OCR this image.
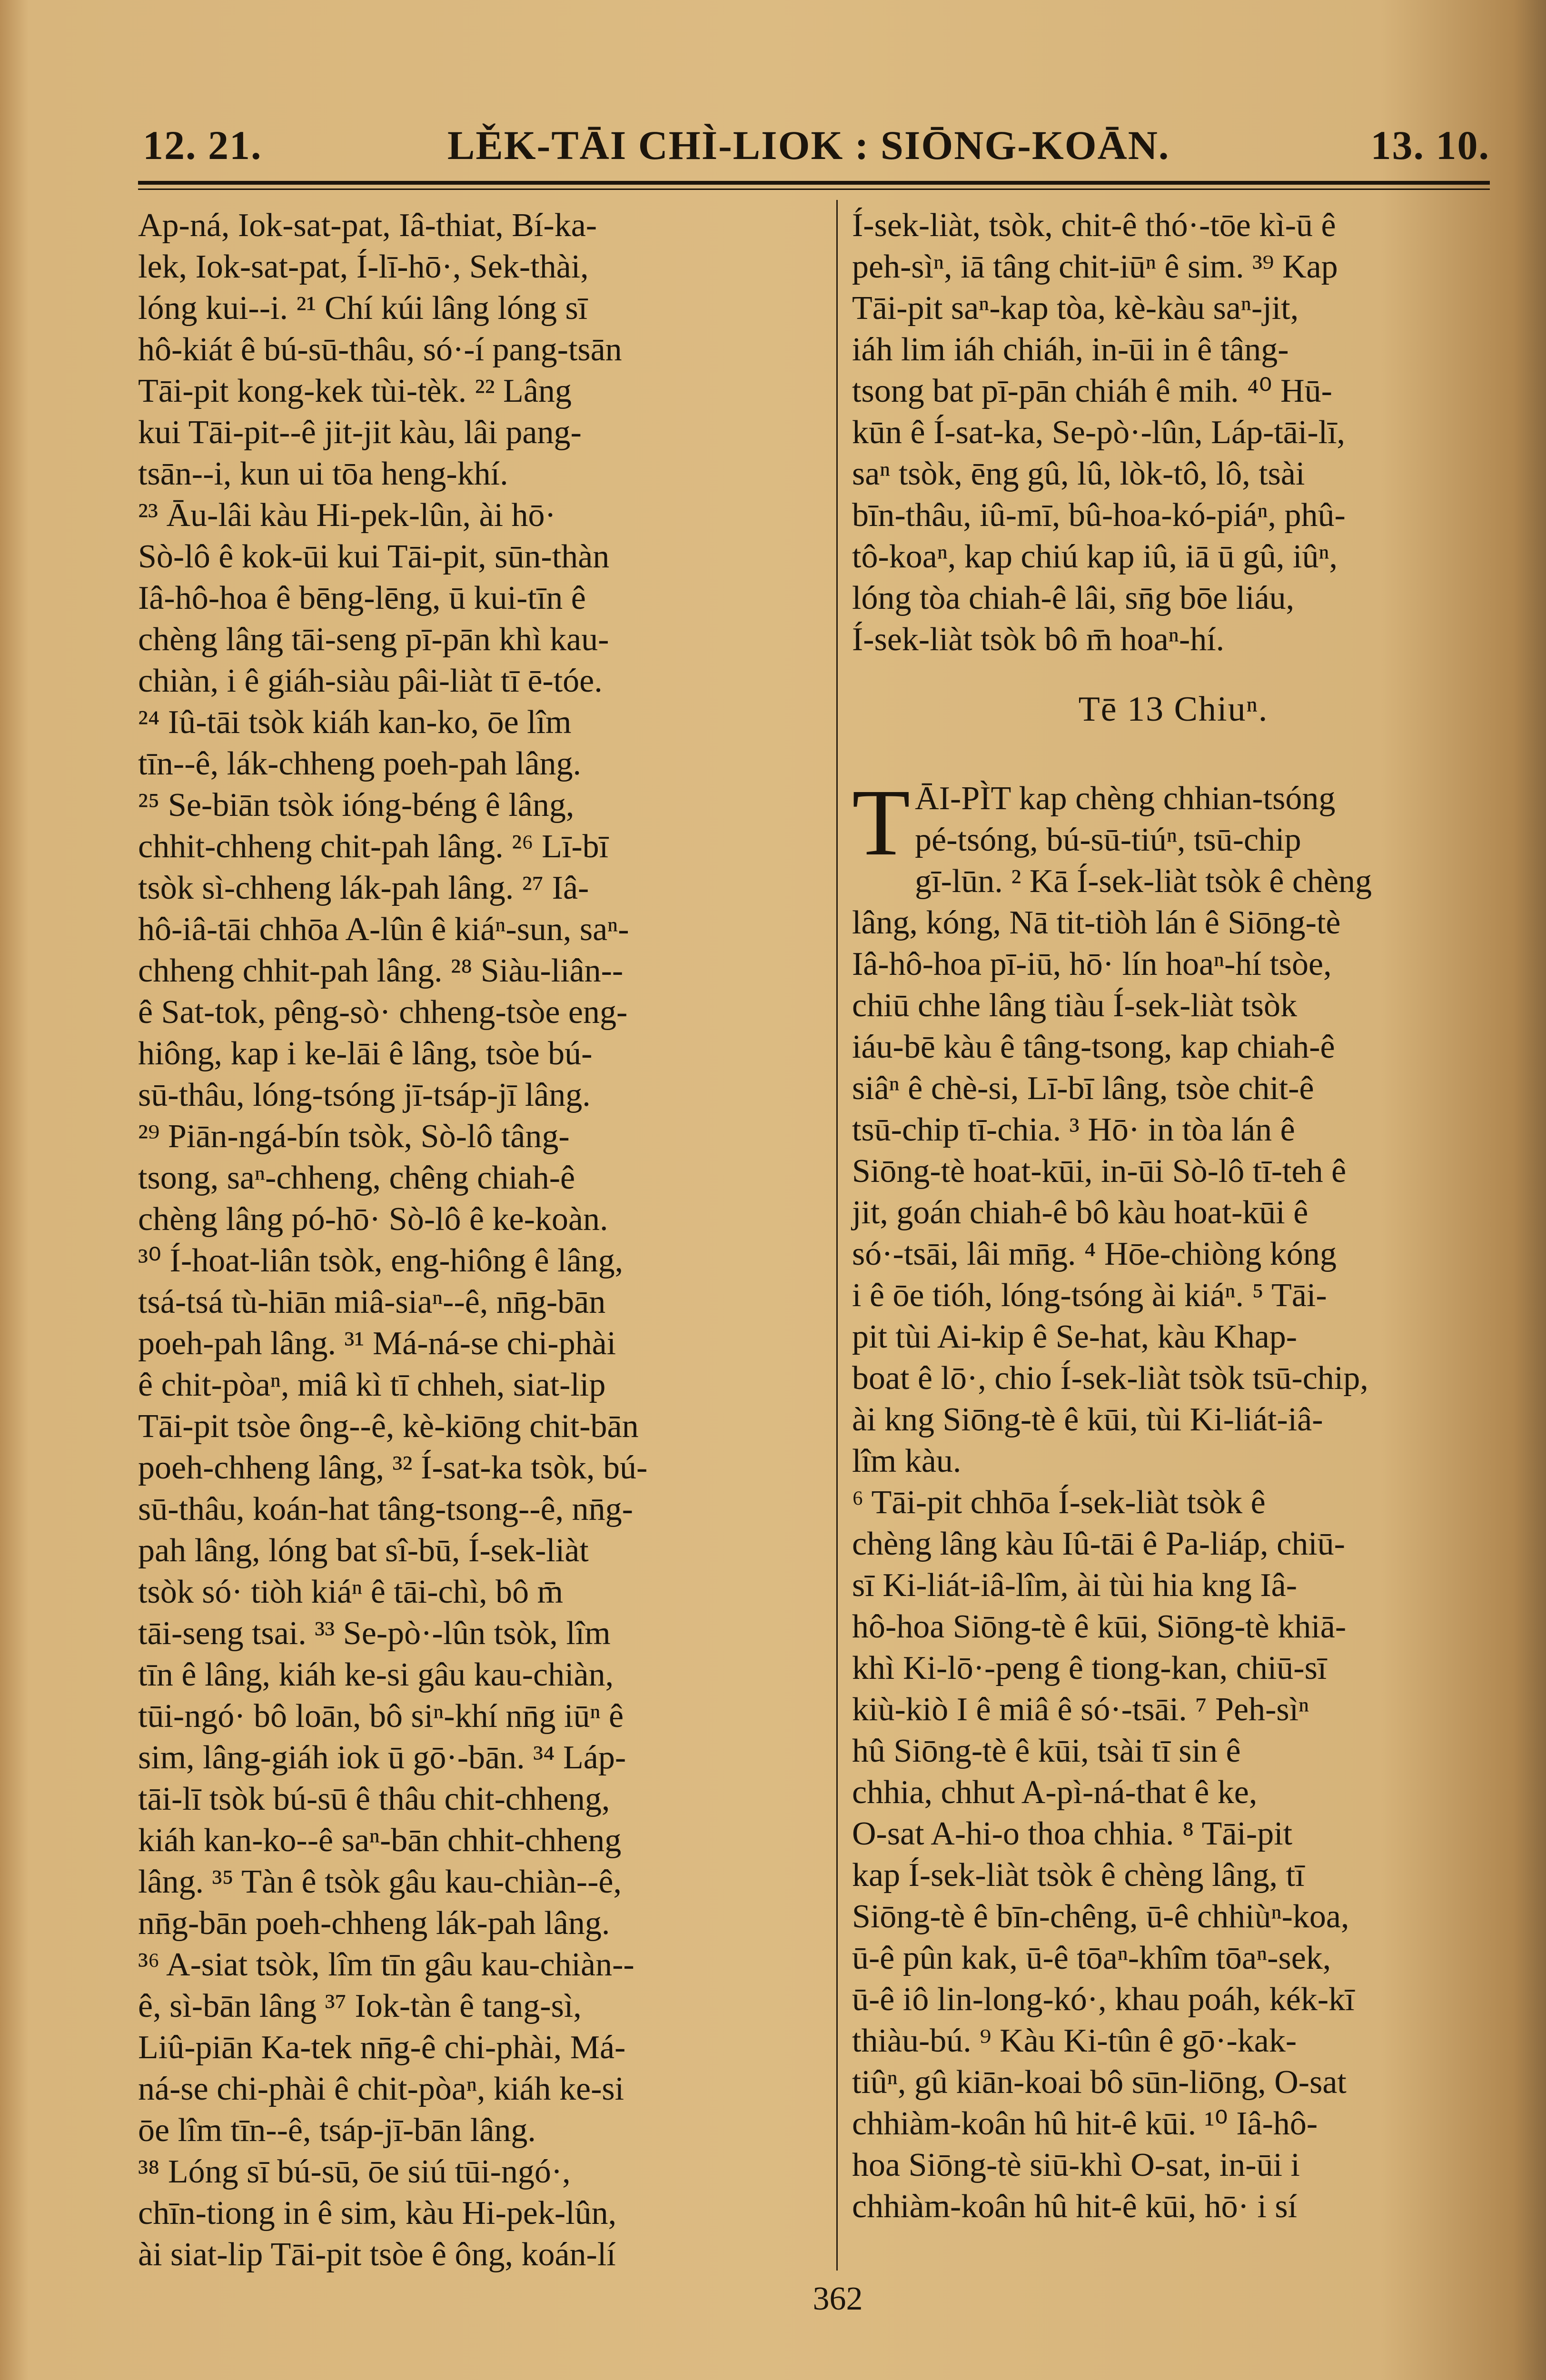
12. 21.	LĚK-TĀI CHÌ-LIOK : SIŌNG-KOĀN.	13. 10.

Ap-ná, Iok-sat-pat, Iâ-thiat, Bí-ka-

lek, Iok-sat-pat, Í-lī-hō·, Sek-thài,

lóng kui--i. ²¹ Chí kúi lâng lóng sī

hô-kiát ê bú-sū-thâu, só·-í pang-tsān

Tāi-pit kong-kek tùi-tèk. ²² Lâng

kui Tāi-pit--ê jit-jit kàu, lâi pang-

tsān--i, kun ui tōa heng-khí.

²³ Āu-lâi kàu Hi-pek-lûn, ài hō·

Sò-lô ê kok-ūi kui Tāi-pit, sūn-thàn

Iâ-hô-hoa ê bēng-lēng, ū kui-tīn ê

chèng lâng tāi-seng pī-pān khì kau-

chiàn, i ê giáh-siàu pâi-liàt tī ē-tóe.

²⁴ Iû-tāi tsòk kiáh kan-ko, ōe lîm

tīn--ê, lák-chheng poeh-pah lâng.

²⁵ Se-biān tsòk ióng-béng ê lâng,

chhit-chheng chit-pah lâng. ²⁶ Lī-bī

tsòk sì-chheng lák-pah lâng. ²⁷ Iâ-

hô-iâ-tāi chhōa A-lûn ê kiáⁿ-sun, saⁿ-

chheng chhit-pah lâng. ²⁸ Siàu-liân--

ê Sat-tok, pêng-sò· chheng-tsòe eng-

hiông, kap i ke-lāi ê lâng, tsòe bú-

sū-thâu, lóng-tsóng jī-tsáp-jī lâng.

²⁹ Piān-ngá-bín tsòk, Sò-lô tâng-

tsong, saⁿ-chheng, chêng chiah-ê

chèng lâng pó-hō· Sò-lô ê ke-koàn.

³⁰ Í-hoat-liân tsòk, eng-hiông ê lâng,

tsá-tsá tù-hiān miâ-siaⁿ--ê, nn̄g-bān

poeh-pah lâng. ³¹ Má-ná-se chi-phài

ê chit-pòaⁿ, miâ kì tī chheh, siat-lip

Tāi-pit tsòe ông--ê, kè-kiōng chit-bān

poeh-chheng lâng, ³² Í-sat-ka tsòk, bú-

sū-thâu, koán-hat tâng-tsong--ê, nn̄g-

pah lâng, lóng bat sî-bū, Í-sek-liàt

tsòk só· tiòh kiáⁿ ê tāi-chì, bô m̄

tāi-seng tsai. ³³ Se-pò·-lûn tsòk, lîm

tīn ê lâng, kiáh ke-si gâu kau-chiàn,

tūi-ngó· bô loān, bô siⁿ-khí nn̄g iūⁿ ê

sim, lâng-giáh iok ū gō·-bān. ³⁴ Láp-

tāi-lī tsòk bú-sū ê thâu chit-chheng,

kiáh kan-ko--ê saⁿ-bān chhit-chheng

lâng. ³⁵ Tàn ê tsòk gâu kau-chiàn--ê,

nn̄g-bān poeh-chheng lák-pah lâng.

³⁶ A-siat tsòk, lîm tīn gâu kau-chiàn--

ê, sì-bān lâng ³⁷ Iok-tàn ê tang-sì,

Liû-piān Ka-tek nn̄g-ê chi-phài, Má-

ná-se chi-phài ê chit-pòaⁿ, kiáh ke-si

ōe lîm tīn--ê, tsáp-jī-bān lâng.

³⁸ Lóng sī bú-sū, ōe siú tūi-ngó·,

chīn-tiong in ê sim, kàu Hi-pek-lûn,

ài siat-lip Tāi-pit tsòe ê ông, koán-lí

Í-sek-liàt, tsòk, chit-ê thó·-tōe kì-ū ê

peh-sìⁿ, iā tâng chit-iūⁿ ê sim. ³⁹ Kap

Tāi-pit saⁿ-kap tòa, kè-kàu saⁿ-jit,

iáh lim iáh chiáh, in-ūi in ê tâng-

tsong bat pī-pān chiáh ê mih. ⁴⁰ Hū-

kūn ê Í-sat-ka, Se-pò·-lûn, Láp-tāi-lī,

saⁿ tsòk, ēng gû, lû, lòk-tô, lô, tsài

bīn-thâu, iû-mī, bû-hoa-kó-piáⁿ, phû-

tô-koaⁿ, kap chiú kap iû, iā ū gû, iûⁿ,

lóng tòa chiah-ê lâi, sn̄g bōe liáu,

Í-sek-liàt tsòk bô m̄ hoaⁿ-hí.

Tē 13 Chiuⁿ.

T ĀI-PÌT kap chèng chhian-tsóng

pé-tsóng, bú-sū-tiúⁿ, tsū-chip

gī-lūn. ² Kā Í-sek-liàt tsòk ê chèng

lâng, kóng, Nā tit-tiòh lán ê Siōng-tè

Iâ-hô-hoa pī-iū, hō· lín hoaⁿ-hí tsòe,

chiū chhe lâng tiàu Í-sek-liàt tsòk

iáu-bē kàu ê tâng-tsong, kap chiah-ê

siâⁿ ê chè-si, Lī-bī lâng, tsòe chit-ê

tsū-chip tī-chia. ³ Hō· in tòa lán ê

Siōng-tè hoat-kūi, in-ūi Sò-lô tī-teh ê

jit, goán chiah-ê bô kàu hoat-kūi ê

só·-tsāi, lâi mn̄g. ⁴ Hōe-chiòng kóng

i ê ōe tióh, lóng-tsóng ài kiáⁿ. ⁵ Tāi-

pit tùi Ai-kip ê Se-hat, kàu Khap-

boat ê lō·, chio Í-sek-liàt tsòk tsū-chip,

ài kng Siōng-tè ê kūi, tùi Ki-liát-iâ-

lîm kàu.

⁶ Tāi-pit chhōa Í-sek-liàt tsòk ê

chèng lâng kàu Iû-tāi ê Pa-liáp, chiū-

sī Ki-liát-iâ-lîm, ài tùi hia kng Iâ-

hô-hoa Siōng-tè ê kūi, Siōng-tè khiā-

khì Ki-lō·-peng ê tiong-kan, chiū-sī

kiù-kiò I ê miâ ê só·-tsāi. ⁷ Peh-sìⁿ

hû Siōng-tè ê kūi, tsài tī sin ê

chhia, chhut A-pì-ná-that ê ke,

O-sat A-hi-o thoa chhia. ⁸ Tāi-pit

kap Í-sek-liàt tsòk ê chèng lâng, tī

Siōng-tè ê bīn-chêng, ū-ê chhiùⁿ-koa,

ū-ê pûn kak, ū-ê tōaⁿ-khîm tōaⁿ-sek,

ū-ê iô lin-long-kó·, khau poáh, kék-kī

thiàu-bú. ⁹ Kàu Ki-tûn ê gō·-kak-

tiûⁿ, gû kiān-koai bô sūn-liōng, O-sat

chhiàm-koân hû hit-ê kūi. ¹⁰ Iâ-hô-

hoa Siōng-tè siū-khì O-sat, in-ūi i

chhiàm-koân hû hit-ê kūi, hō· i sí

362
